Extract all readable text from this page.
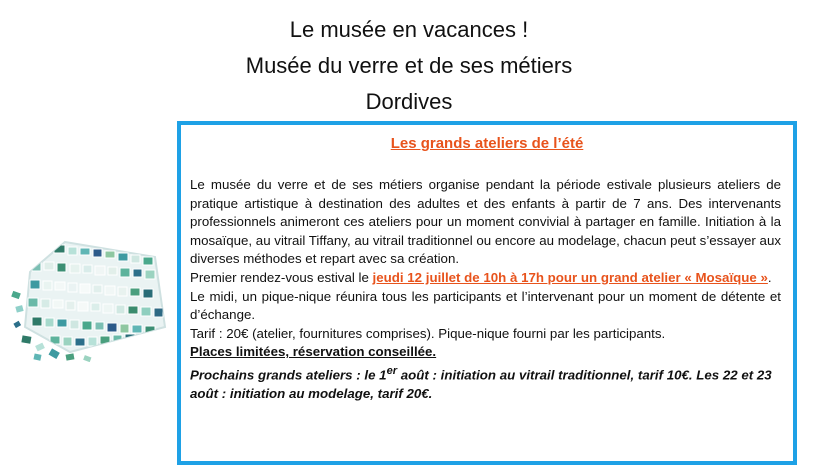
Le musée en vacances !
Musée du verre et de ses métiers
Dordives
Les grands ateliers de l’été

Le musée du verre et de ses métiers organise pendant la période estivale plusieurs ateliers de pratique artistique à destination des adultes et des enfants à partir de 7 ans. Des intervenants professionnels animeront ces ateliers pour un moment convivial à partager en famille. Initiation à la mosaïque, au vitrail Tiffany, au vitrail traditionnel ou encore au modelage, chacun peut s’essayer aux diverses méthodes et repart avec sa création.

Premier rendez-vous estival le jeudi 12 juillet de 10h à 17h pour un grand atelier « Mosaïque ».

Le midi, un pique-nique réunira tous les participants et l’intervenant pour un moment de détente et d’échange.

Tarif : 20€ (atelier, fournitures comprises). Pique-nique fourni par les participants.

Places limitées, réservation conseillée.

Prochains grands ateliers : le 1er août : initiation au vitrail traditionnel, tarif 10€. Les 22 et 23 août : initiation au modelage, tarif 20€.
